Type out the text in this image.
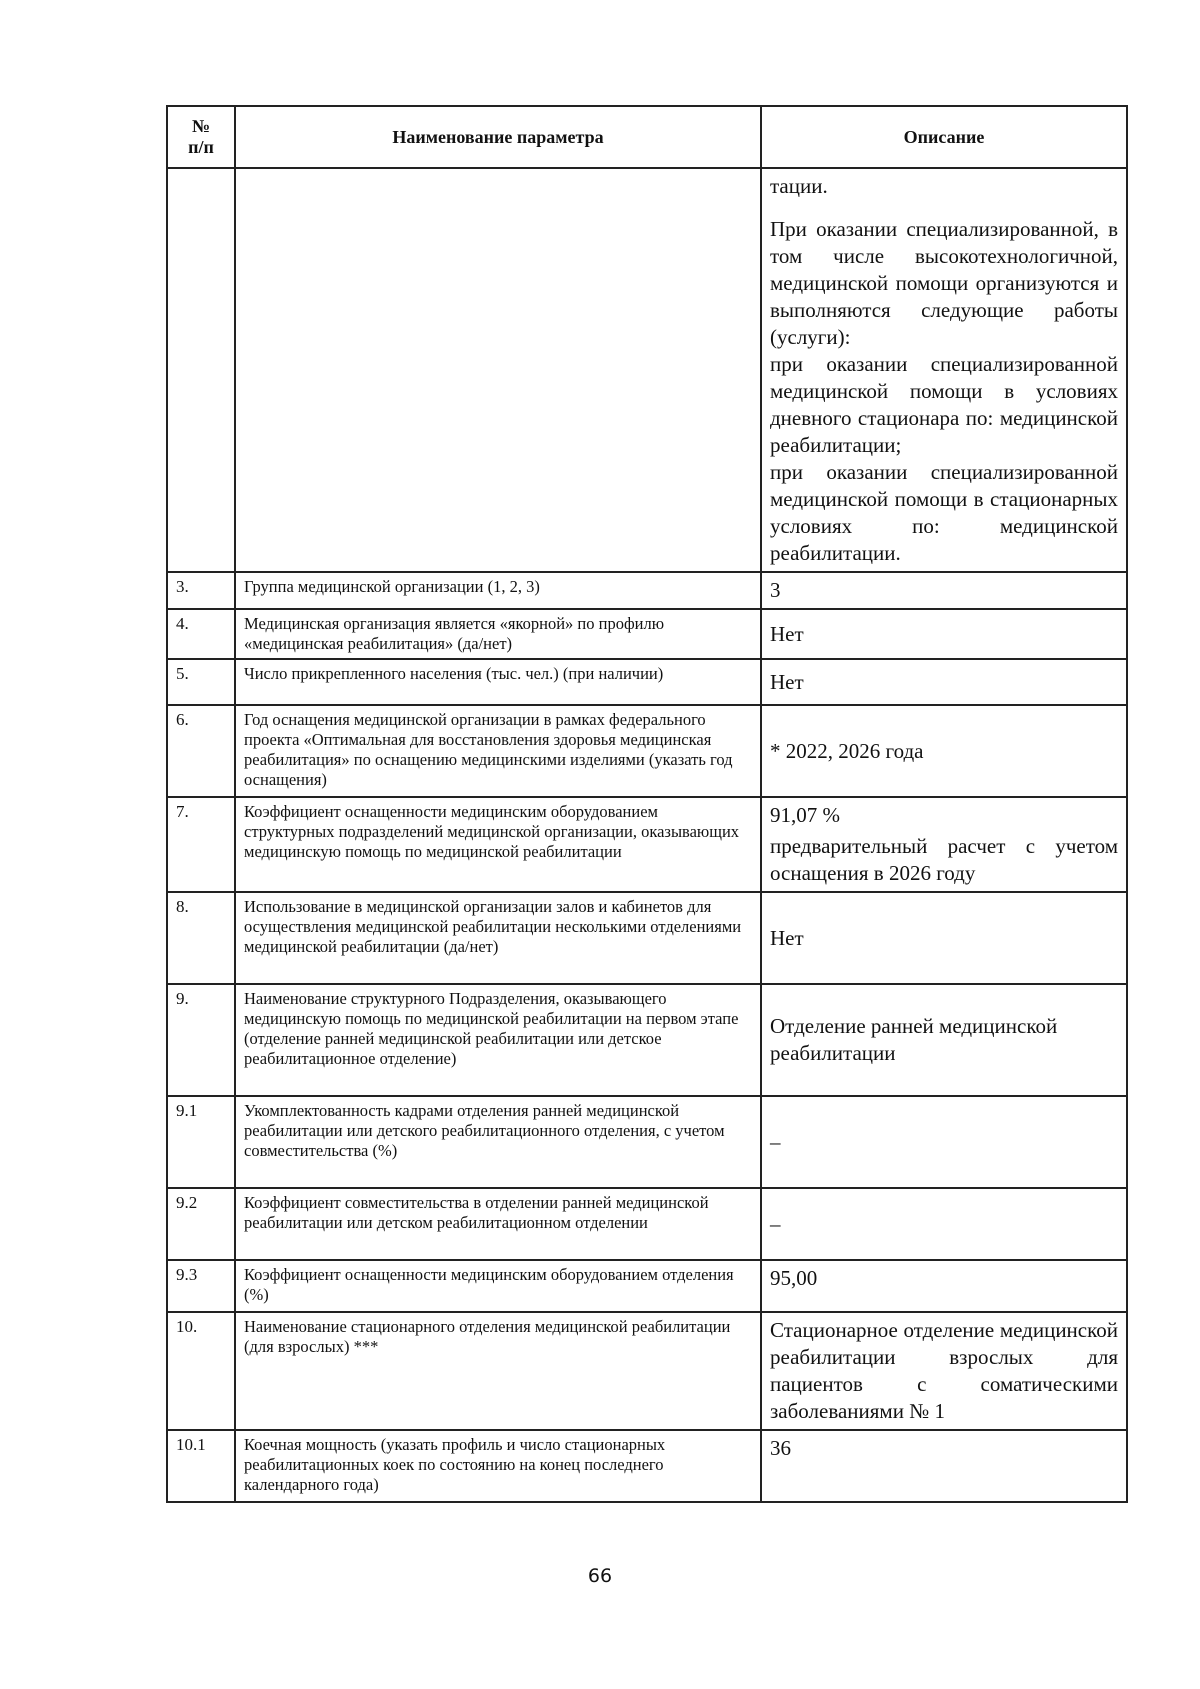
№
п/п	Наименование параметра	Описание

		тации.
При оказании специализированной, в том числе высокотехнологичной, медицинской помощи организуются и выполняются следующие работы (услуги):
при оказании специализированной медицинской помощи в условиях дневного стационара по: медицинской реабилитации;
при оказании специализированной медицинской помощи в стационарных условиях по: медицинской реабилитации.

3.	Группа медицинской организации (1, 2, 3)	3
4.	Медицинская организация является «якорной» по профилю «медицинская реабилитация» (да/нет)	Нет
5.	Число прикрепленного населения (тыс. чел.) (при наличии)	Нет
6.	Год оснащения медицинской организации в рамках федерального проекта «Оптимальная для восстановления здоровья медицинская реабилитация» по оснащению медицинскими изделиями (указать год оснащения)	* 2022, 2026 года
7.	Коэффициент оснащенности медицинским оборудованием структурных подразделений медицинской организации, оказывающих медицинскую помощь по медицинской реабилитации	91,07 %
предварительный расчет с учетом оснащения в 2026 году

8.	Использование в медицинской организации залов и кабинетов для осуществления медицинской реабилитации несколькими отделениями медицинской реабилитации (да/нет)	Нет
9.	Наименование структурного Подразделения, оказывающего медицинскую помощь по медицинской реабилитации на первом этапе (отделение ранней медицинской реабилитации или детское реабилитационное отделение)	Отделение ранней медицинской реабилитации
9.1	Укомплектованность кадрами отделения ранней медицинской реабилитации или детского реабилитационного отделения, с учетом совместительства (%)	–
9.2	Коэффициент совместительства в отделении ранней медицинской реабилитации или детском реабилитационном отделении	–
9.3	Коэффициент оснащенности медицинским оборудованием отделения (%)	95,00
10.	Наименование стационарного отделения медицинской реабилитации (для взрослых) ***	Стационарное отделение медицинской реабилитации взрослых для пациентов с соматическими заболеваниями № 1
10.1	Коечная мощность (указать профиль и число стационарных реабилитационных коек по состоянию на конец последнего календарного года)	36
66
